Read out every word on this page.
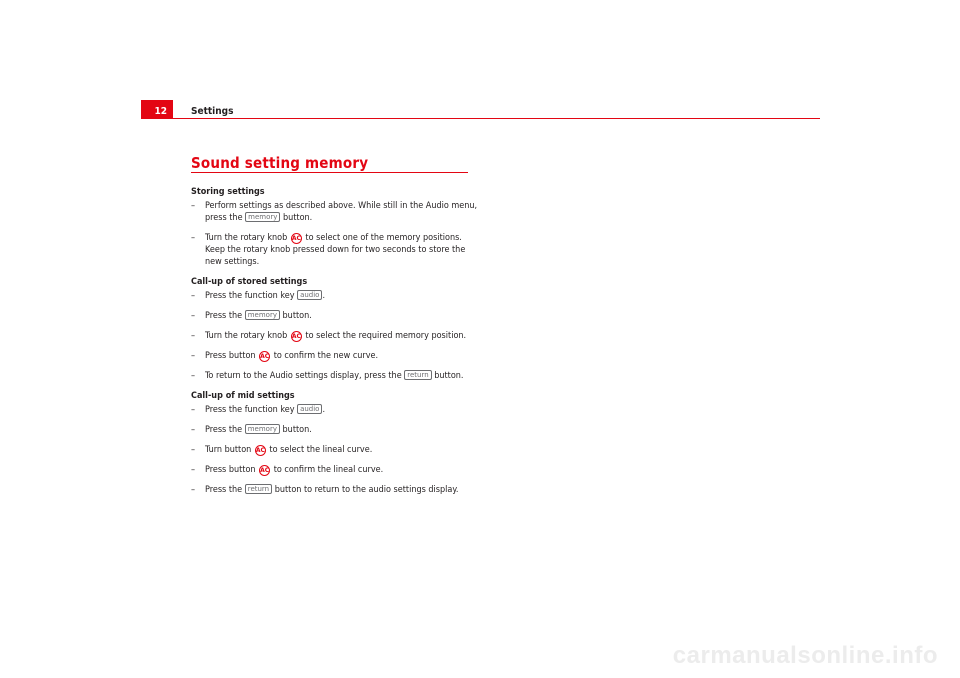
12	Settings
Sound setting memory
Storing settings
– Perform settings as described above. While still in the Audio menu, press the memory button.
– Turn the rotary knob AC to select one of the memory positions. Keep the rotary knob pressed down for two seconds to store the new settings.
Call-up of stored settings
– Press the function key audio .
– Press the memory button.
– Turn the rotary knob AC to select the required memory position.
– Press button AC to confirm the new curve.
– To return to the Audio settings display, press the return button.
Call-up of mid settings
– Press the function key audio .
– Press the memory button.
– Turn button AC to select the lineal curve.
– Press button AC to confirm the lineal curve.
– Press the return button to return to the audio settings display.
carmanualsonline.info
